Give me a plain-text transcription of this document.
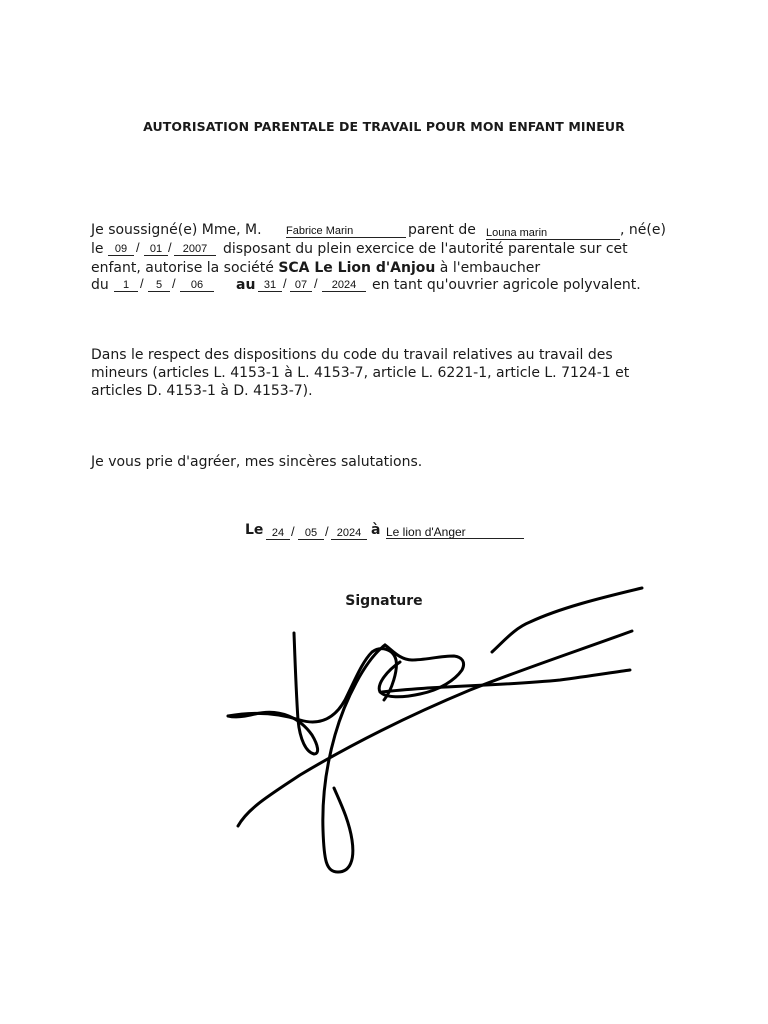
AUTORISATION PARENTALE DE TRAVAIL POUR MON ENFANT MINEUR
Je soussigné(e) Mme, M. Fabrice Marin	parent de Louna marin	, né(e)
le	09 / 01 /	2007	disposant du plein exercice de l'autorité parentale sur cet
enfant, autorise la société SCA Le Lion d'Anjou à l'embaucher
du	1 /	5 /	06	au 31 / 07 /	2024	en tant qu'ouvrier agricole polyvalent.
Dans le respect des dispositions du code du travail relatives au travail des
mineurs (articles L. 4153-1 à L. 4153-7, article L. 6221-1, article L. 7124-1 et
articles D. 4153-1 à D. 4153-7).
Je vous prie d'agréer, mes sincères salutations.
Le 24 / 05 / 2024 à Le lion d'Anger
Signature
